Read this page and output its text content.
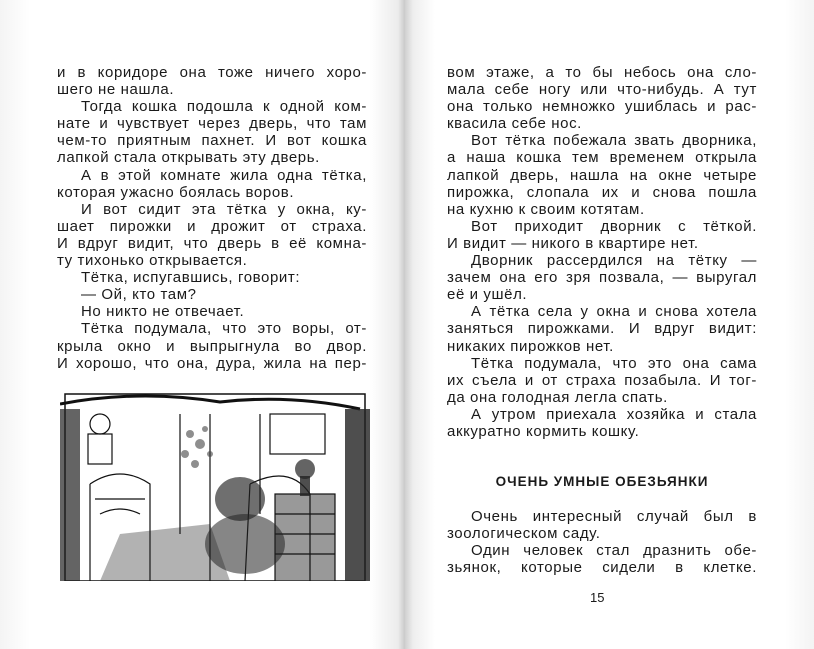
и в коридоре она тоже ничего хоро-
шего не нашла.
Тогда кошка подошла к одной ком-
нате и чувствует через дверь, что там
чем-то приятным пахнет. И вот кошка
лапкой стала открывать эту дверь.
А в этой комнате жила одна тётка,
которая ужасно боялась воров.
И вот сидит эта тётка у окна, ку-
шает пирожки и дрожит от страха.
И вдруг видит, что дверь в её комна-
ту тихонько открывается.
Тётка, испугавшись, говорит:
— Ой, кто там?
Но никто не отвечает.
Тётка подумала, что это воры, от-
крыла окно и выпрыгнула во двор.
И хорошо, что она, дура, жила на пер-
вом этаже, а то бы небось она сло-
мала себе ногу или что-нибудь. А тут
она только немножко ушиблась и рас-
квасила себе нос.
Вот тётка побежала звать дворника,
а наша кошка тем временем открыла
лапкой дверь, нашла на окне четыре
пирожка, слопала их и снова пошла
на кухню к своим котятам.
Вот приходит дворник с тёткой.
И видит — никого в квартире нет.
Дворник рассердился на тётку —
зачем она его зря позвала, — выругал
её и ушёл.
А тётка села у окна и снова хотела
заняться пирожками. И вдруг видит:
никаких пирожков нет.
Тётка подумала, что это она сама
их съела и от страха позабыла. И тог-
да она голодная легла спать.
А утром приехала хозяйка и стала
аккуратно кормить кошку.
ОЧЕНЬ УМНЫЕ ОБЕЗЬЯНКИ
Очень интересный случай был в
зоологическом саду.
Один человек стал дразнить обе-
зьянок, которые сидели в клетке.
15
